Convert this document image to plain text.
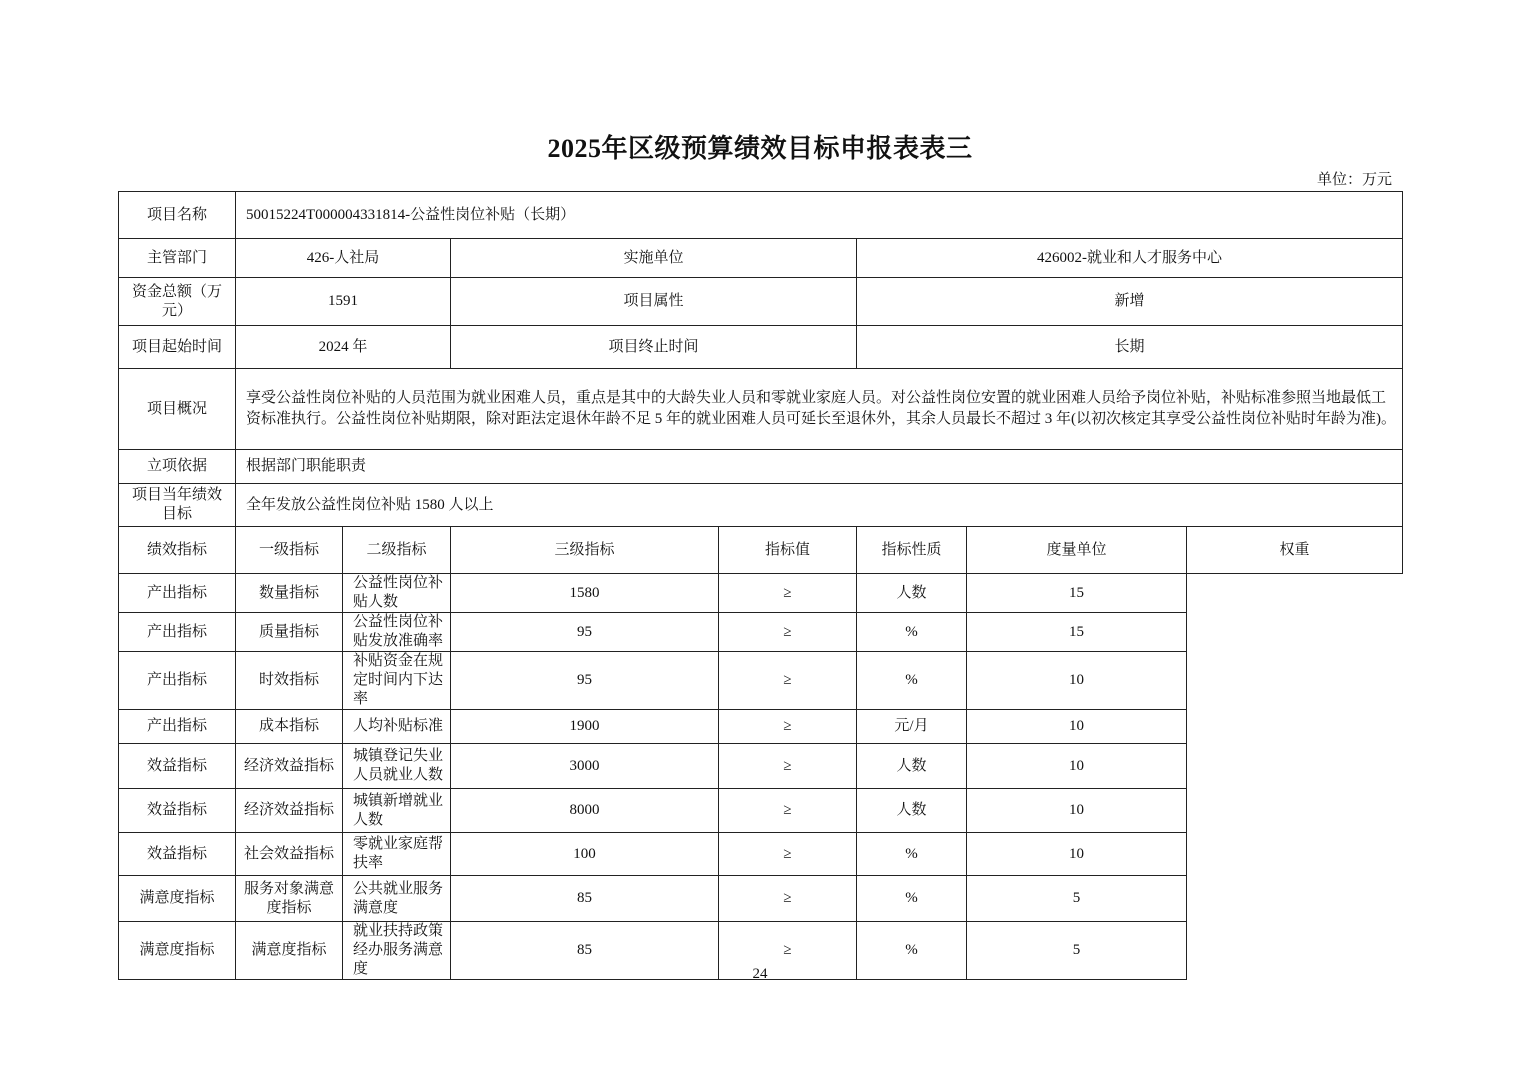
2025年区级预算绩效目标申报表表三
单位：万元
项目名称	50015224T000004331814-公益性岗位补贴（长期）						
主管部门	426-人社局		实施单位		426002-就业和人才服务中心		
资金总额（万元）	1591		项目属性		新增		
项目起始时间	2024 年		项目终止时间		长期		
项目概况	享受公益性岗位补贴的人员范围为就业困难人员，重点是其中的大龄失业人员和零就业家庭人员。对公益性岗位安置的就业困难人员给予岗位补贴，补贴标准参照当地最低工资标准执行。公益性岗位补贴期限，除对距法定退休年龄不足 5 年的就业困难人员可延长至退休外，其余人员最长不超过 3 年(以初次核定其享受公益性岗位补贴时年龄为准)。						
立项依据	根据部门职能职责						
项目当年绩效目标	全年发放公益性岗位补贴 1580 人以上						
绩效指标	一级指标	二级指标	三级指标	指标值	指标性质	度量单位	权重
产出指标	数量指标	公益性岗位补贴人数	1580	≥	人数	15	
产出指标	质量指标	公益性岗位补贴发放准确率	95	≥	%	15	
产出指标	时效指标	补贴资金在规定时间内下达率	95	≥	%	10	
产出指标	成本指标	人均补贴标准	1900	≥	元/月	10	
效益指标	经济效益指标	城镇登记失业人员就业人数	3000	≥	人数	10	
效益指标	经济效益指标	城镇新增就业人数	8000	≥	人数	10	
效益指标	社会效益指标	零就业家庭帮扶率	100	≥	%	10	
满意度指标	服务对象满意度指标	公共就业服务满意度	85	≥	%	5	
满意度指标	满意度指标	就业扶持政策经办服务满意度	85	≥	%	5	
24
